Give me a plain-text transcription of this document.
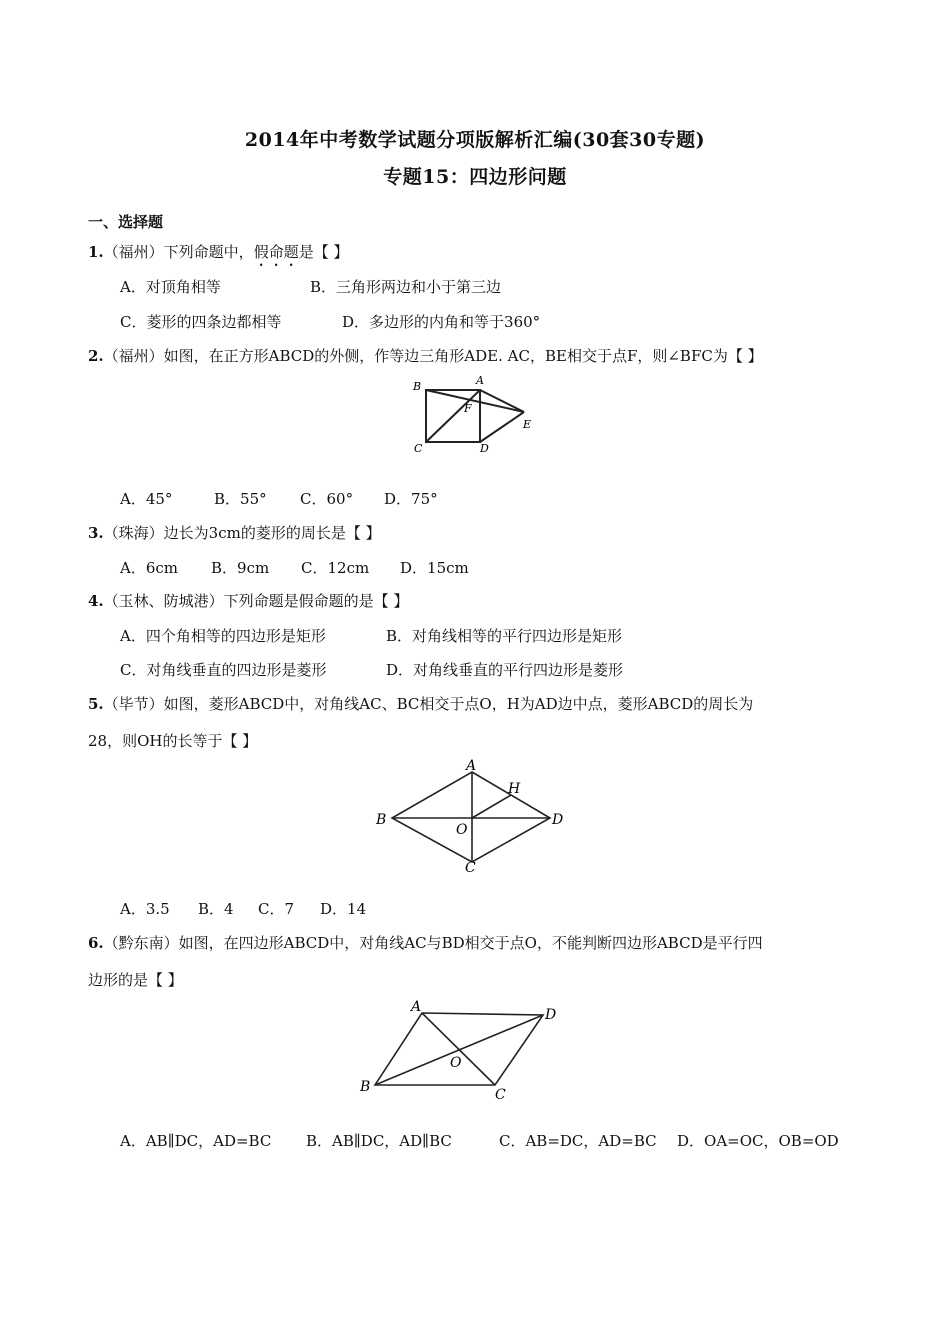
2014年中考数学试题分项版解析汇编(30套30专题)
专题15：四边形问题
一、选择题
1.（福州）下列命题中，假命题是【 】
A．对顶角相等	B．三角形两边和小于第三边
C．菱形的四条边都相等	D．多边形的内角和等于360°
2.（福州）如图，在正方形ABCD的外侧，作等边三角形ADE. AC，BE相交于点F，则∠BFC为【 】
B	A
F
E
C	D
A．45°	B．55° C．60° D．75°
3.（珠海）边长为3cm的菱形的周长是【 】
A．6cm B．9cm C．12cm D．15cm
4.（玉林、防城港）下列命题是假命题的是【 】
A．四个角相等的四边形是矩形	B．对角线相等的平行四边形是矩形
C．对角线垂直的四边形是菱形	D．对角线垂直的平行四边形是菱形
5.（毕节）如图，菱形ABCD中，对角线AC、BC相交于点O，H为AD边中点，菱形ABCD的周长为
28，则OH的长等于【 】
A
H
B
O
D
C
A．3.5 B．4 C．7 D．14
6.（黔东南）如图，在四边形ABCD中，对角线AC与BD相交于点O，不能判断四边形ABCD是平行四
边形的是【 】
A	D
O
B	C
A．AB∥DC，AD=BC B．AB∥DC，AD∥BC	C．AB=DC，AD=BC D．OA=OC，OB=OD
